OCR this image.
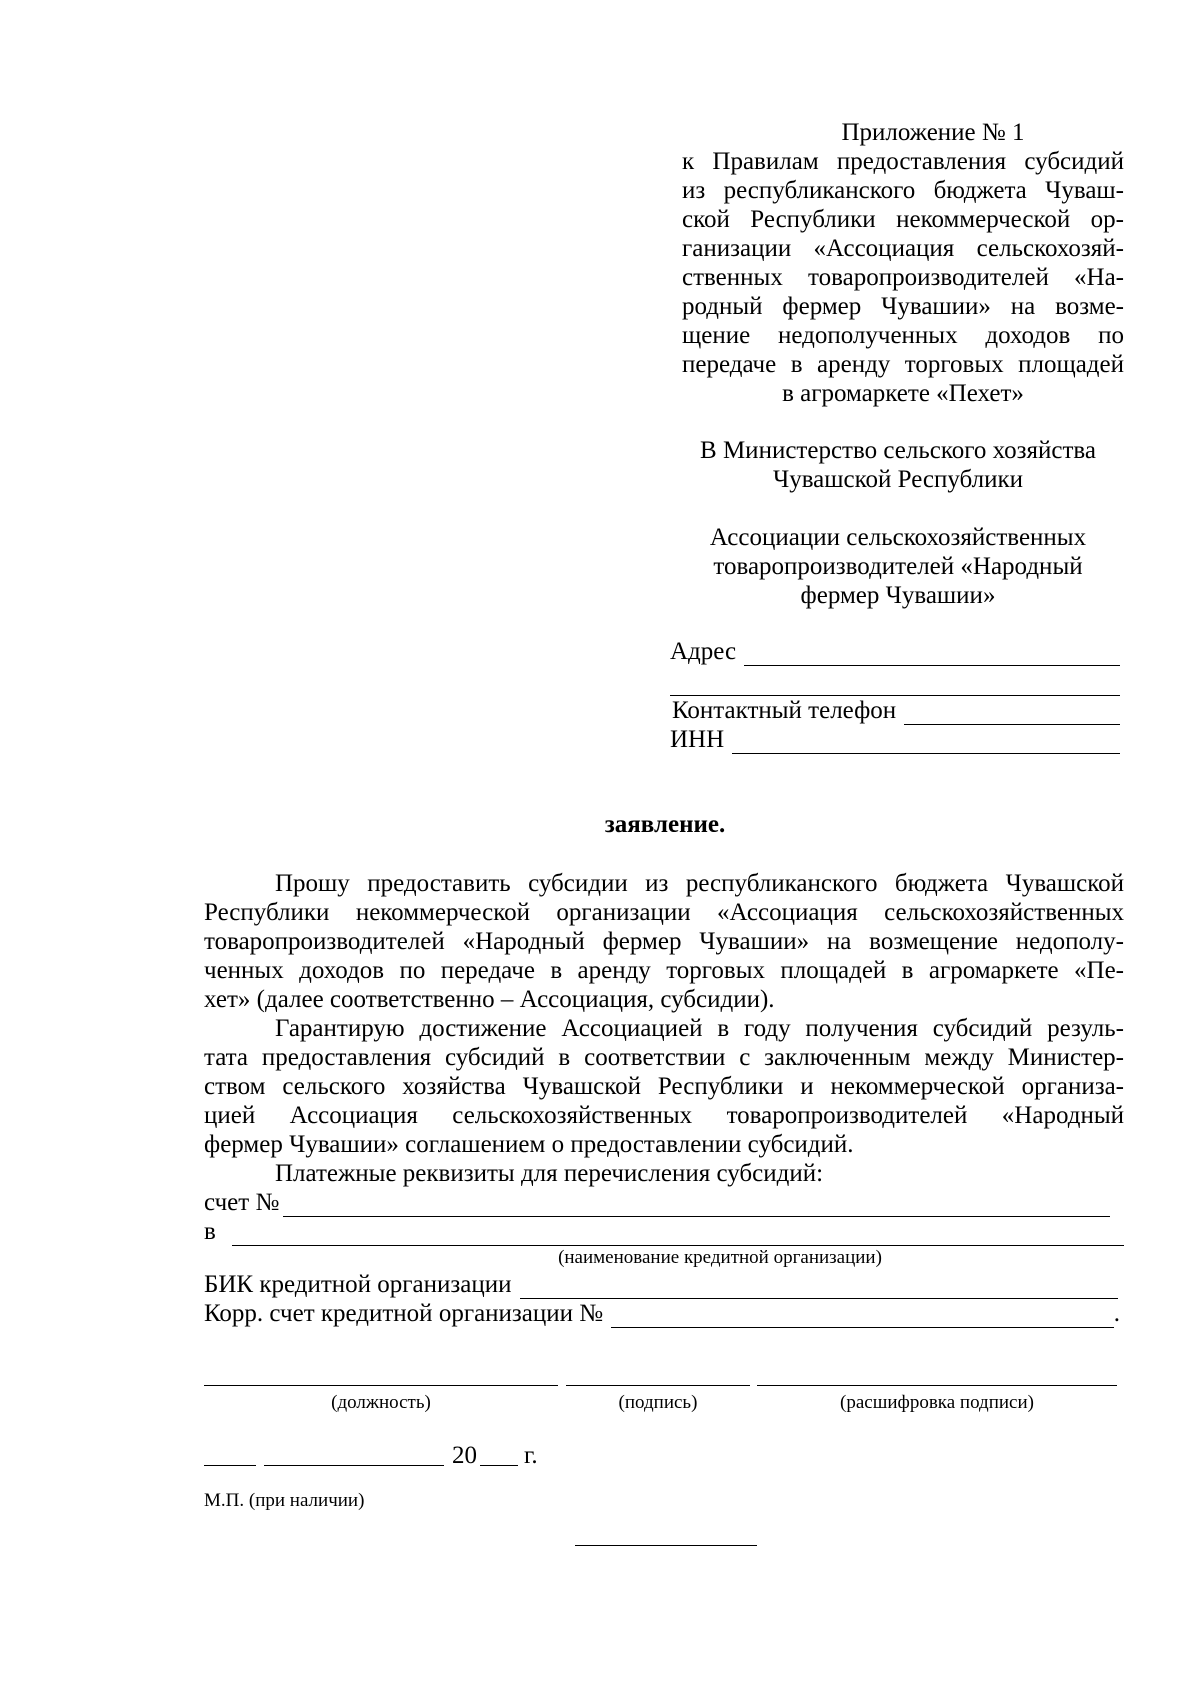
Приложение № 1
к Правилам предоставления субсидий
из республиканского бюджета Чуваш-
ской Республики некоммерческой ор-
ганизации «Ассоциация сельскохозяй-
ственных товаропроизводителей «На-
родный фермер Чувашии» на возме-
щение недополученных доходов по
передаче в аренду торговых площадей
в агромаркете «Пехет»
В Министерство сельского хозяйства
Чувашской Республики
Ассоциации сельскохозяйственных
товаропроизводителей «Народный
фермер Чувашии»
Адрес
Контактный телефон
ИНН
заявление.
Прошу предоставить субсидии из республиканского бюджета Чувашской
Республики некоммерческой организации «Ассоциация сельскохозяйственных
товаропроизводителей «Народный фермер Чувашии» на возмещение недополу-
ченных доходов по передаче в аренду торговых площадей в агромаркете «Пе-
хет» (далее соответственно – Ассоциация, субсидии).
Гарантирую достижение Ассоциацией в году получения субсидий резуль-
тата предоставления субсидий в соответствии с заключенным между Министер-
ством сельского хозяйства Чувашской Республики и некоммерческой организа-
цией Ассоциация сельскохозяйственных товаропроизводителей «Народный
фермер Чувашии» соглашением о предоставлении субсидий.
Платежные реквизиты для перечисления субсидий:
счет №
в
(наименование кредитной организации)
БИК кредитной организации
Корр. счет кредитной организации №	.
(должность)	(подпись)	(расшифровка подписи)
20 г.
М.П. (при наличии)
